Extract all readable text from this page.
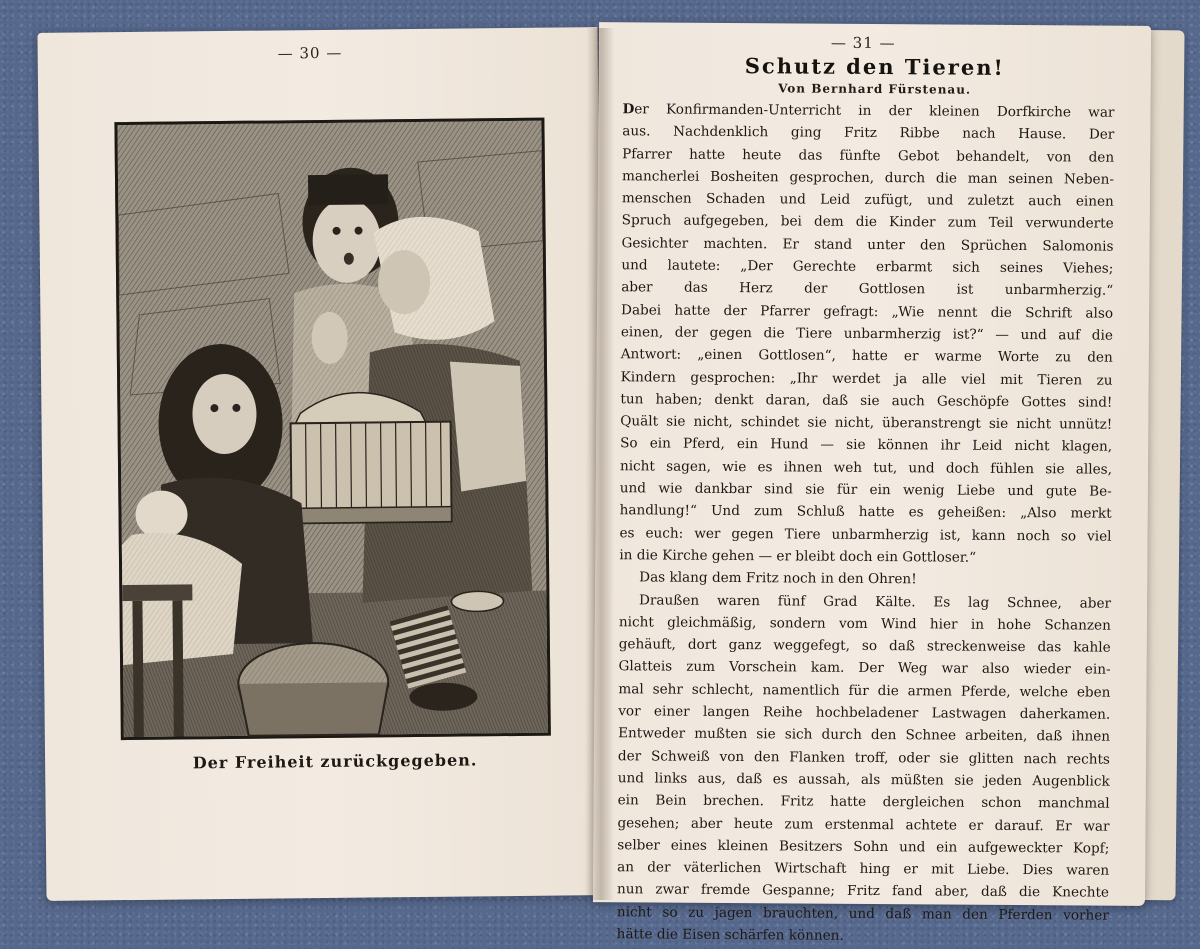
— 30 —
Der Freiheit zurückgegeben.
— 31 —
Schutz den Tieren!
Von Bernhard Fürstenau.
Der Konfirmanden-Unterricht in der kleinen Dorfkirche war
aus. Nachdenklich ging Fritz Ribbe nach Hause. Der
Pfarrer hatte heute das fünfte Gebot behandelt, von den
mancherlei Bosheiten gesprochen, durch die man seinen Neben-
menschen Schaden und Leid zufügt, und zuletzt auch einen
Spruch aufgegeben, bei dem die Kinder zum Teil verwunderte
Gesichter machten. Er stand unter den Sprüchen Salomonis
und lautete: „Der Gerechte erbarmt sich seines Viehes;
aber das Herz der Gottlosen ist unbarmherzig.“
Dabei hatte der Pfarrer gefragt: „Wie nennt die Schrift also
einen, der gegen die Tiere unbarmherzig ist?“ — und auf die
Antwort: „einen Gottlosen“, hatte er warme Worte zu den
Kindern gesprochen: „Ihr werdet ja alle viel mit Tieren zu
tun haben; denkt daran, daß sie auch Geschöpfe Gottes sind!
Quält sie nicht, schindet sie nicht, überanstrengt sie nicht unnütz!
So ein Pferd, ein Hund — sie können ihr Leid nicht klagen,
nicht sagen, wie es ihnen weh tut, und doch fühlen sie alles,
und wie dankbar sind sie für ein wenig Liebe und gute Be-
handlung!“ Und zum Schluß hatte es geheißen: „Also merkt
es euch: wer gegen Tiere unbarmherzig ist, kann noch so viel
in die Kirche gehen — er bleibt doch ein Gottloser.“
Das klang dem Fritz noch in den Ohren!
Draußen waren fünf Grad Kälte. Es lag Schnee, aber
nicht gleichmäßig, sondern vom Wind hier in hohe Schanzen
gehäuft, dort ganz weggefegt, so daß streckenweise das kahle
Glatteis zum Vorschein kam. Der Weg war also wieder ein-
mal sehr schlecht, namentlich für die armen Pferde, welche eben
vor einer langen Reihe hochbeladener Lastwagen daherkamen.
Entweder mußten sie sich durch den Schnee arbeiten, daß ihnen
der Schweiß von den Flanken troff, oder sie glitten nach rechts
und links aus, daß es aussah, als müßten sie jeden Augenblick
ein Bein brechen. Fritz hatte dergleichen schon manchmal
gesehen; aber heute zum erstenmal achtete er darauf. Er war
selber eines kleinen Besitzers Sohn und ein aufgeweckter Kopf;
an der väterlichen Wirtschaft hing er mit Liebe. Dies waren
nun zwar fremde Gespanne; Fritz fand aber, daß die Knechte
nicht so zu jagen brauchten, und daß man den Pferden vorher
hätte die Eisen schärfen können.
